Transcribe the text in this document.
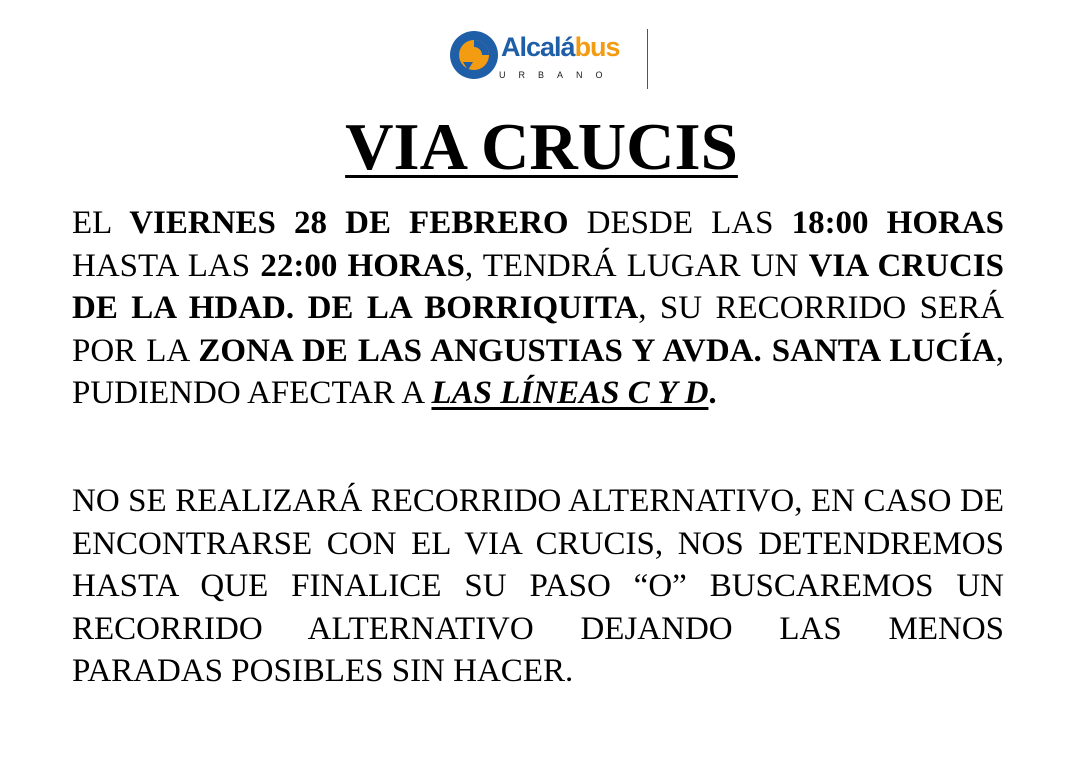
Alcalábus
URBANO
VIA CRUCIS

EL VIERNES 28 DE FEBRERO DESDE LAS 18:00 HORAS HASTA LAS 22:00 HORAS, TENDRÁ LUGAR UN VIA CRUCIS DE LA HDAD. DE LA BORRIQUITA, SU RECORRIDO SERÁ POR LA ZONA DE LAS ANGUSTIAS Y AVDA. SANTA LUCÍA, PUDIENDO AFECTAR A LAS LÍNEAS C Y D.

NO SE REALIZARÁ RECORRIDO ALTERNATIVO, EN CASO DE ENCONTRARSE CON EL VIA CRUCIS, NOS DETENDREMOS HASTA QUE FINALICE SU PASO “O” BUSCAREMOS UN RECORRIDO ALTERNATIVO DEJANDO LAS MENOS PARADAS POSIBLES SIN HACER.
